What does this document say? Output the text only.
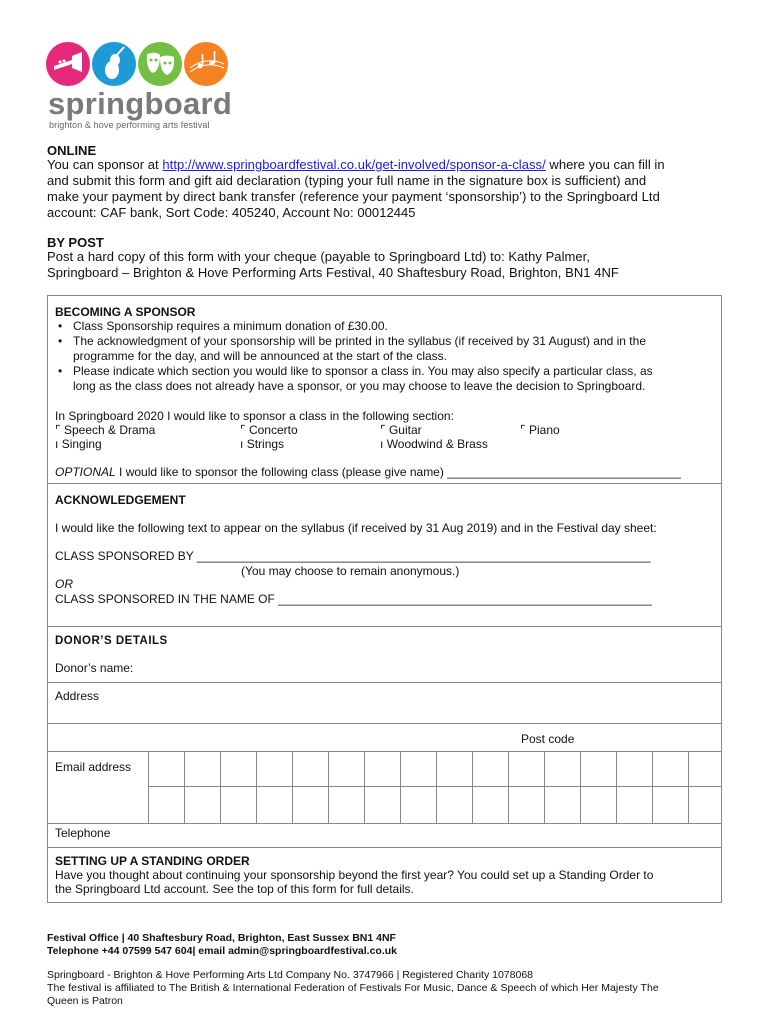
springboard
brighton & hove performing arts festival
ONLINE
You can sponsor at http://www.springboardfestival.co.uk/get-involved/sponsor-a-class/ where you can fill in
and submit this form and gift aid declaration (typing your full name in the signature box is sufficient) and
make your payment by direct bank transfer (reference your payment ‘sponsorship’) to the Springboard Ltd
account: CAF bank, Sort Code: 405240, Account No: 00012445
BY POST
Post a hard copy of this form with your cheque (payable to Springboard Ltd) to: Kathy Palmer,
Springboard – Brighton & Hove Performing Arts Festival, 40 Shaftesbury Road, Brighton, BN1 4NF
BECOMING A SPONSOR
• Class Sponsorship requires a minimum donation of £30.00.
• The acknowledgment of your sponsorship will be printed in the syllabus (if received by 31 August) and in the
programme for the day, and will be announced at the start of the class.
• Please indicate which section you would like to sponsor a class in. You may also specify a particular class, as
long as the class does not already have a sponsor, or you may choose to leave the decision to Springboard.
In Springboard 2020 I would like to sponsor a class in the following section:
⌜ Speech & Drama	⌜ Concerto	⌜ Guitar	⌜ Piano
ı Singing	ı Strings	ı Woodwind & Brass
OPTIONAL I would like to sponsor the following class (please give name) ___________________________________
ACKNOWLEDGEMENT
I would like the following text to appear on the syllabus (if received by 31 Aug 2019) and in the Festival day sheet:
CLASS SPONSORED BY ____________________________________________________________________
(You may choose to remain anonymous.)
OR
CLASS SPONSORED IN THE NAME OF ________________________________________________________
DONOR’S DETAILS
Donor’s name:
Address
Post code
Email address
Telephone
SETTING UP A STANDING ORDER
Have you thought about continuing your sponsorship beyond the first year? You could set up a Standing Order to
the Springboard Ltd account. See the top of this form for full details.
Festival Office | 40 Shaftesbury Road, Brighton, East Sussex BN1 4NF
Telephone +44 07599 547 604| email admin@springboardfestival.co.uk
Springboard - Brighton & Hove Performing Arts Ltd Company No. 3747966 | Registered Charity 1078068
The festival is affiliated to The British & International Federation of Festivals For Music, Dance & Speech of which Her Majesty The
Queen is Patron
